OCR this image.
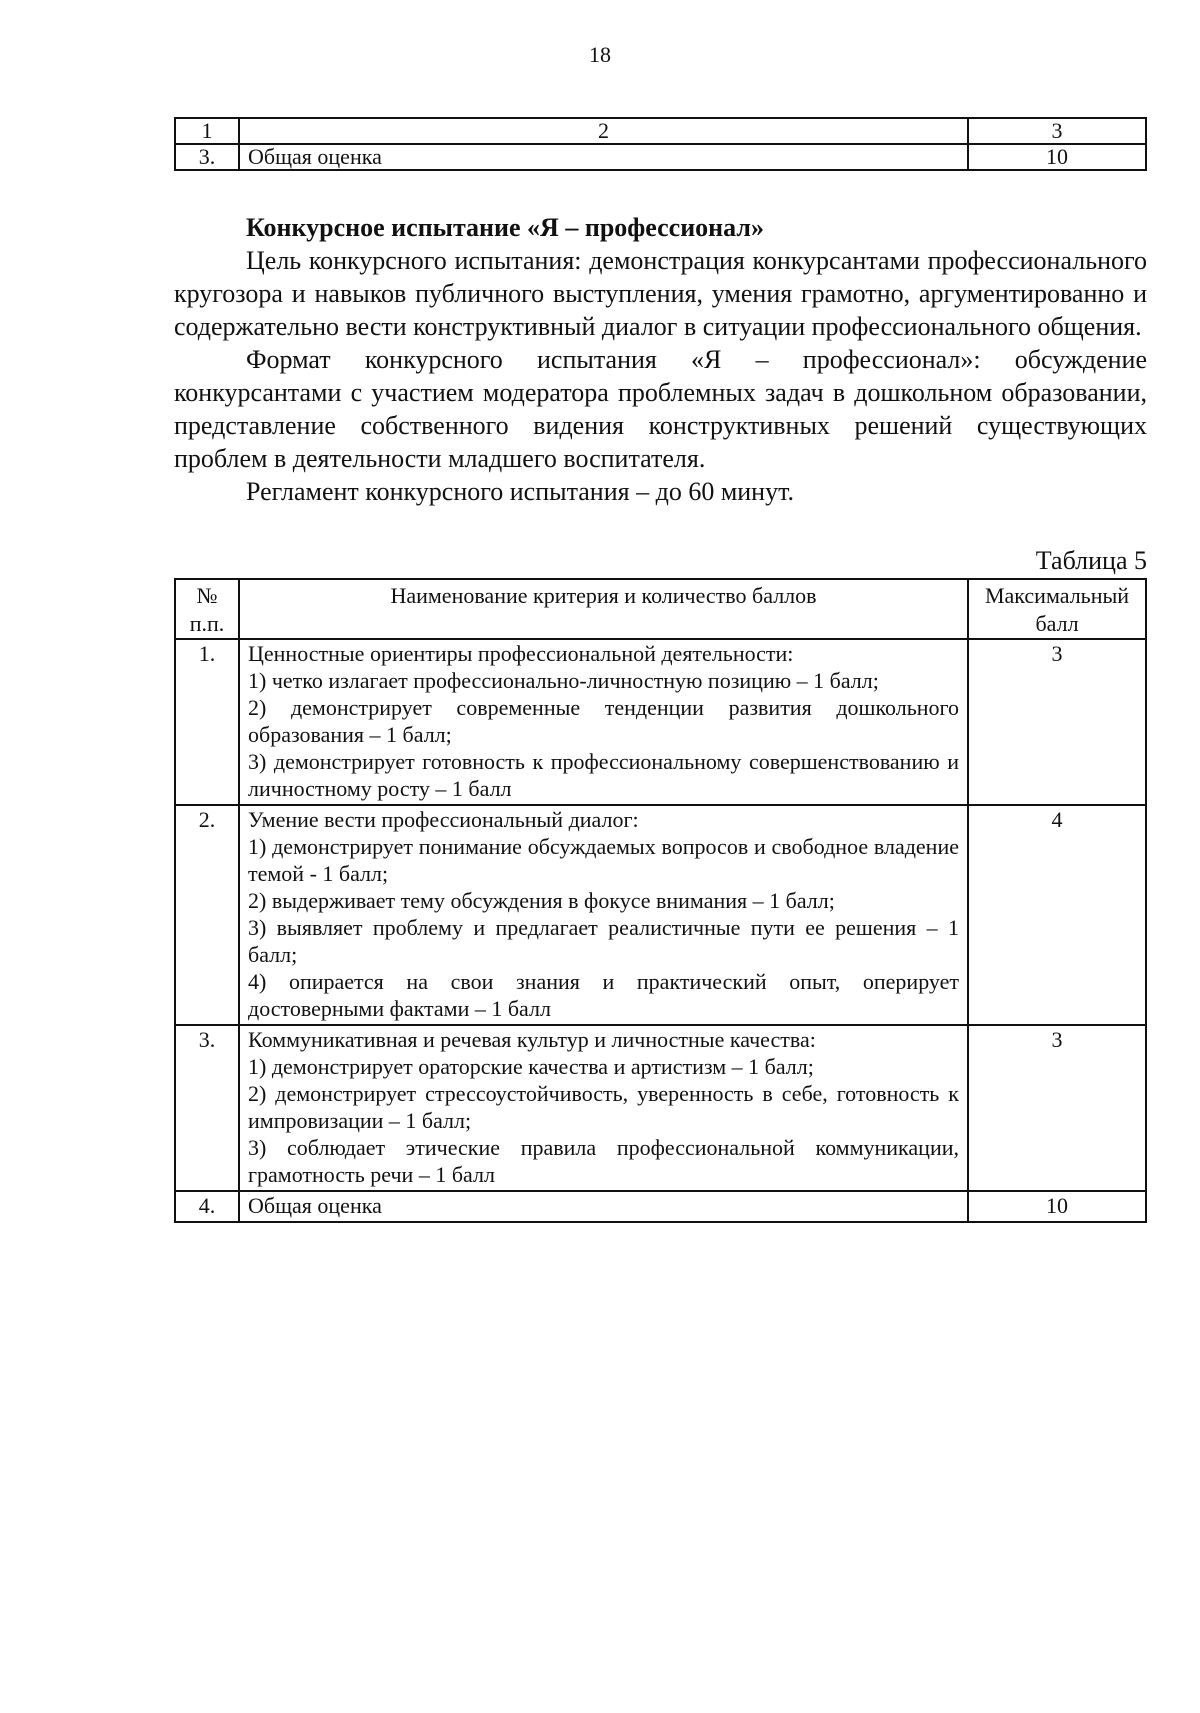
18
1	2	3
3.	Общая оценка	10
Конкурсное испытание «Я – профессионал»

Цель конкурсного испытания: демонстрация конкурсантами профессионального кругозора и навыков публичного выступления, умения грамотно, аргументированно и содержательно вести конструктивный диалог в ситуации профессионального общения.

Формат конкурсного испытания «Я – профессионал»: обсуждение конкурсантами с участием модератора проблемных задач в дошкольном образовании, представление собственного видения конструктивных решений существующих проблем в деятельности младшего воспитателя.

Регламент конкурсного испытания – до 60 минут.

Таблица 5
№ п.п.	Наименование критерия и количество баллов	Максимальный балл
1.	Ценностные ориентиры профессиональной деятельности:
1) четко излагает профессионально-личностную позицию – 1 балл;
2) демонстрирует современные тенденции развития дошкольного образования – 1 балл;
3) демонстрирует готовность к профессиональному совершенствованию и личностному росту – 1 балл	3
2.	Умение вести профессиональный диалог:
1) демонстрирует понимание обсуждаемых вопросов и свободное владение темой - 1 балл;
2) выдерживает тему обсуждения в фокусе внимания – 1 балл;
3) выявляет проблему и предлагает реалистичные пути ее решения – 1 балл;
4) опирается на свои знания и практический опыт, оперирует достоверными фактами – 1 балл	4
3.	Коммуникативная и речевая культур и личностные качества:
1) демонстрирует ораторские качества и артистизм – 1 балл;
2) демонстрирует стрессоустойчивость, уверенность в себе, готовность к импровизации – 1 балл;
3) соблюдает этические правила профессиональной коммуникации, грамотность речи – 1 балл	3
4.	Общая оценка	10
